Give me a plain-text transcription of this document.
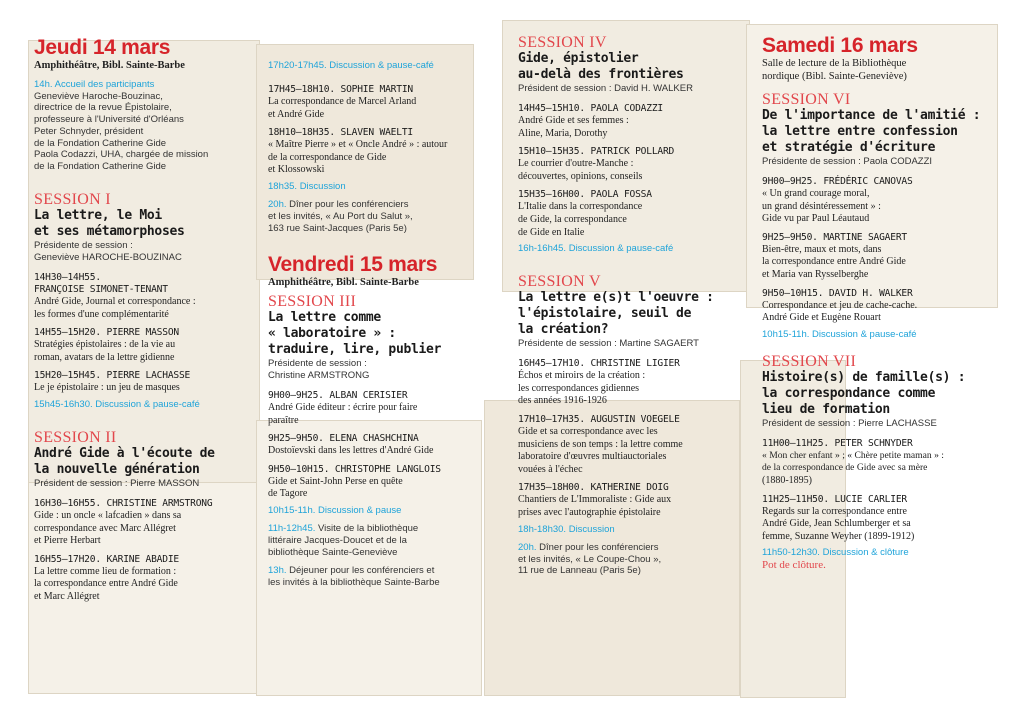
Jeudi 14 mars
Amphithéâtre, Bibl. Sainte-Barbe
14h. Accueil des participants
Geneviève Haroche-Bouzinac,
directrice de la revue Épistolaire,
professeure à l'Université d'Orléans
Peter Schnyder, président
de la Fondation Catherine Gide
Paola Codazzi, UHA, chargée de mission
de la Fondation Catherine Gide
SESSION I
La lettre, le Moi
et ses métamorphoses
Présidente de session :
Geneviève HAROCHE-BOUZINAC
14H30–14H55.
FRANÇOISE SIMONET-TENANT
André Gide, Journal et correspondance :
les formes d'une complémentarité
14H55–15H20. PIERRE MASSON
Stratégies épistolaires : de la vie au
roman, avatars de la lettre gidienne
15H20–15H45. PIERRE LACHASSE
Le je épistolaire : un jeu de masques
15h45-16h30. Discussion & pause-café
SESSION II
André Gide à l'écoute de
la nouvelle génération
Président de session : Pierre MASSON
16H30–16H55. CHRISTINE ARMSTRONG
Gide : un oncle « lafcadien » dans sa
correspondance avec Marc Allégret
et Pierre Herbart
16H55–17H20. KARINE ABADIE
La lettre comme lieu de formation :
la correspondance entre André Gide
et Marc Allégret
17h20-17h45. Discussion & pause-café
17H45–18H10. SOPHIE MARTIN
La correspondance de Marcel Arland
et André Gide
18H10–18H35. SLAVEN WAELTI
« Maître Pierre » et « Oncle André » : autour
de la correspondance de Gide
et Klossowski
18h35. Discussion
20h. Dîner pour les conférenciers
et les invités, « Au Port du Salut »,
163 rue Saint-Jacques (Paris 5e)
Vendredi 15 mars
Amphithéâtre, Bibl. Sainte-Barbe
SESSION III
La lettre comme
« laboratoire » :
traduire, lire, publier
Présidente de session :
Christine ARMSTRONG
9H00–9H25. ALBAN CERISIER
André Gide éditeur : écrire pour faire
paraître
9H25–9H50. ELENA CHASHCHINA
Dostoïevski dans les lettres d'André Gide
9H50–10H15. CHRISTOPHE LANGLOIS
Gide et Saint-John Perse en quête
de Tagore
10h15-11h. Discussion & pause
11h-12h45. Visite de la bibliothèque
littéraire Jacques-Doucet et de la
bibliothèque Sainte-Geneviève
13h. Déjeuner pour les conférenciers et
les invités à la bibliothèque Sainte-Barbe
SESSION IV
Gide, épistolier
au-delà des frontières
Président de session : David H. WALKER
14H45–15H10. PAOLA CODAZZI
André Gide et ses femmes :
Aline, Maria, Dorothy
15H10–15H35. PATRICK POLLARD
Le courrier d'outre-Manche :
découvertes, opinions, conseils
15H35–16H00. PAOLA FOSSA
L'Italie dans la correspondance
de Gide, la correspondance
de Gide en Italie
16h-16h45. Discussion & pause-café
SESSION V
La lettre e(s)t l'oeuvre :
l'épistolaire, seuil de
la création?
Présidente de session : Martine SAGAERT
16H45–17H10. CHRISTINE LIGIER
Échos et miroirs de la création :
les correspondances gidiennes
des années 1916-1926
17H10–17H35. AUGUSTIN VOEGELE
Gide et sa correspondance avec les
musiciens de son temps : la lettre comme
laboratoire d'œuvres multiauctoriales
vouées à l'échec
17H35–18H00. KATHERINE DOIG
Chantiers de L'Immoraliste : Gide aux
prises avec l'autographie épistolaire
18h-18h30. Discussion
20h. Dîner pour les conférenciers
et les invités, « Le Coupe-Chou »,
11 rue de Lanneau (Paris 5e)
Samedi 16 mars
Salle de lecture de la Bibliothèque
nordique (Bibl. Sainte-Geneviève)
SESSION VI
De l'importance de l'amitié :
la lettre entre confession
et stratégie d'écriture
Présidente de session : Paola CODAZZI
9H00–9H25. FRÉDÉRIC CANOVAS
« Un grand courage moral,
un grand désintéressement » :
Gide vu par Paul Léautaud
9H25–9H50. MARTINE SAGAERT
Bien-être, maux et mots, dans
la correspondance entre André Gide
et Maria van Rysselberghe
9H50–10H15. DAVID H. WALKER
Correspondance et jeu de cache-cache.
André Gide et Eugène Rouart
10h15-11h. Discussion & pause-café
SESSION VII
Histoire(s) de famille(s) :
la correspondance comme
lieu de formation
Président de session : Pierre LACHASSE
11H00–11H25. PETER SCHNYDER
« Mon cher enfant » ; « Chère petite maman » :
de la correspondance de Gide avec sa mère
(1880-1895)
11H25–11H50. LUCIE CARLIER
Regards sur la correspondance entre
André Gide, Jean Schlumberger et sa
femme, Suzanne Weyher (1899-1912)
11h50-12h30. Discussion & clôture
Pot de clôture.
